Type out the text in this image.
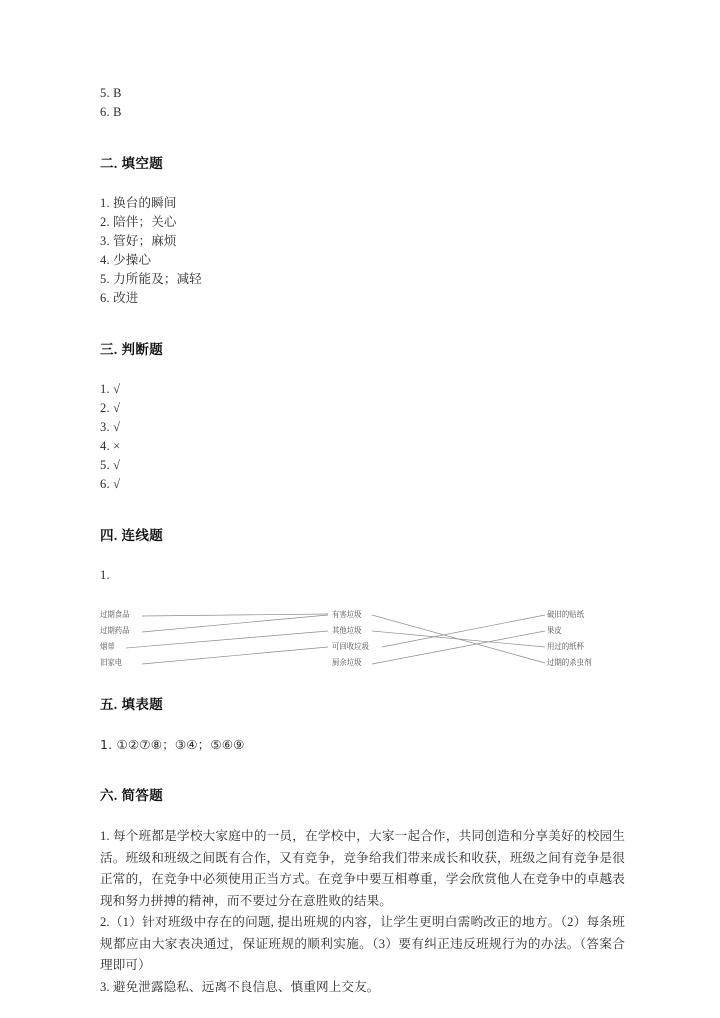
5. B
6. B
二. 填空题
1. 换台的瞬间
2. 陪伴；关心
3. 管好；麻烦
4. 少操心
5. 力所能及；减轻
6. 改进
三. 判断题
1. √
2. √
3. √
4. ×
5. √
6. √
四. 连线题
1.
过期食品
过期药品
烟蒂
旧家电
有害垃圾
其他垃圾
可回收垃圾
厨余垃圾
破旧的贴纸
果皮
用过的纸杯
过期的杀虫剂
五. 填表题
1. ①②⑦⑧；③④；⑤⑥⑨
六. 简答题

1. 每个班都是学校大家庭中的一员，在学校中，大家一起合作，共同创造和分享美好的校园生活。班级和班级之间既有合作，又有竞争，竞争给我们带来成长和收获，班级之间有竞争是很正常的，在竞争中必须使用正当方式。在竞争中要互相尊重，学会欣赏他人在竞争中的卓越表现和努力拼搏的精神，而不要过分在意胜败的结果。

2.（1）针对班级中存在的问题, 提出班规的内容，让学生更明白需哟改正的地方。（2）每条班规都应由大家表决通过，保证班规的顺利实施。（3）要有纠正违反班规行为的办法。（答案合理即可）

3. 避免泄露隐私、远离不良信息、慎重网上交友。
